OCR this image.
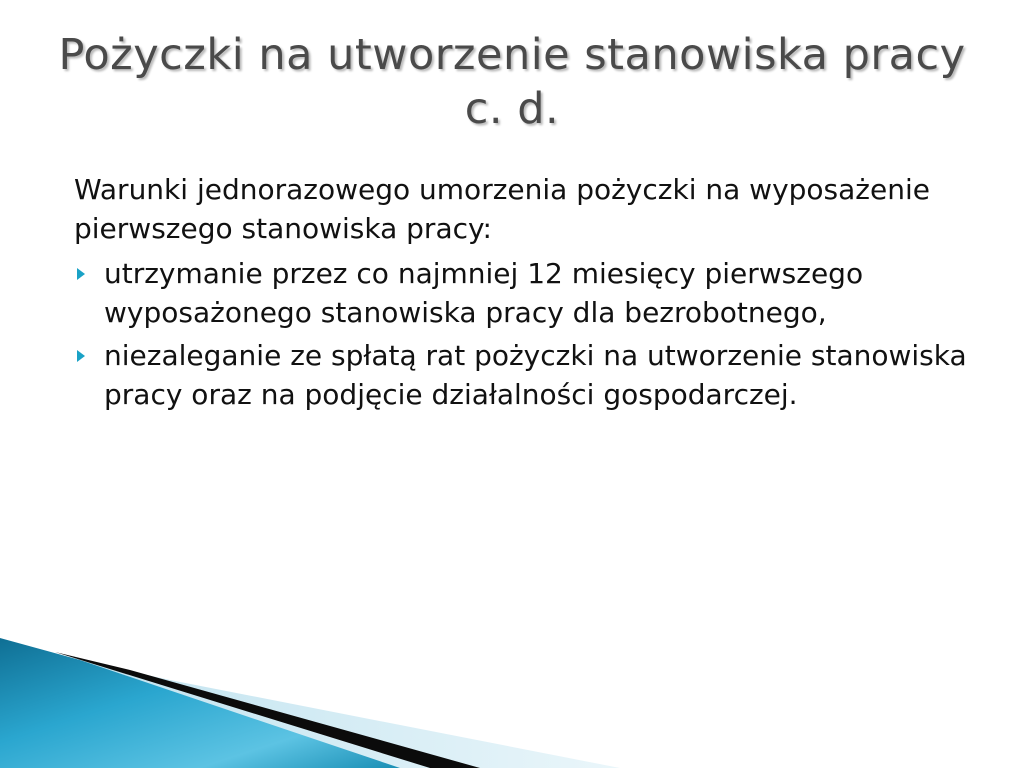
Pożyczki na utworzenie stanowiska pracy c. d.

Warunki jednorazowego umorzenia pożyczki na wyposażenie pierwszego stanowiska pracy:

utrzymanie przez co najmniej 12 miesięcy pierwszego wyposażonego stanowiska pracy dla bezrobotnego,
niezaleganie ze spłatą rat pożyczki na utworzenie stanowiska pracy oraz na podjęcie działalności gospodarczej.
